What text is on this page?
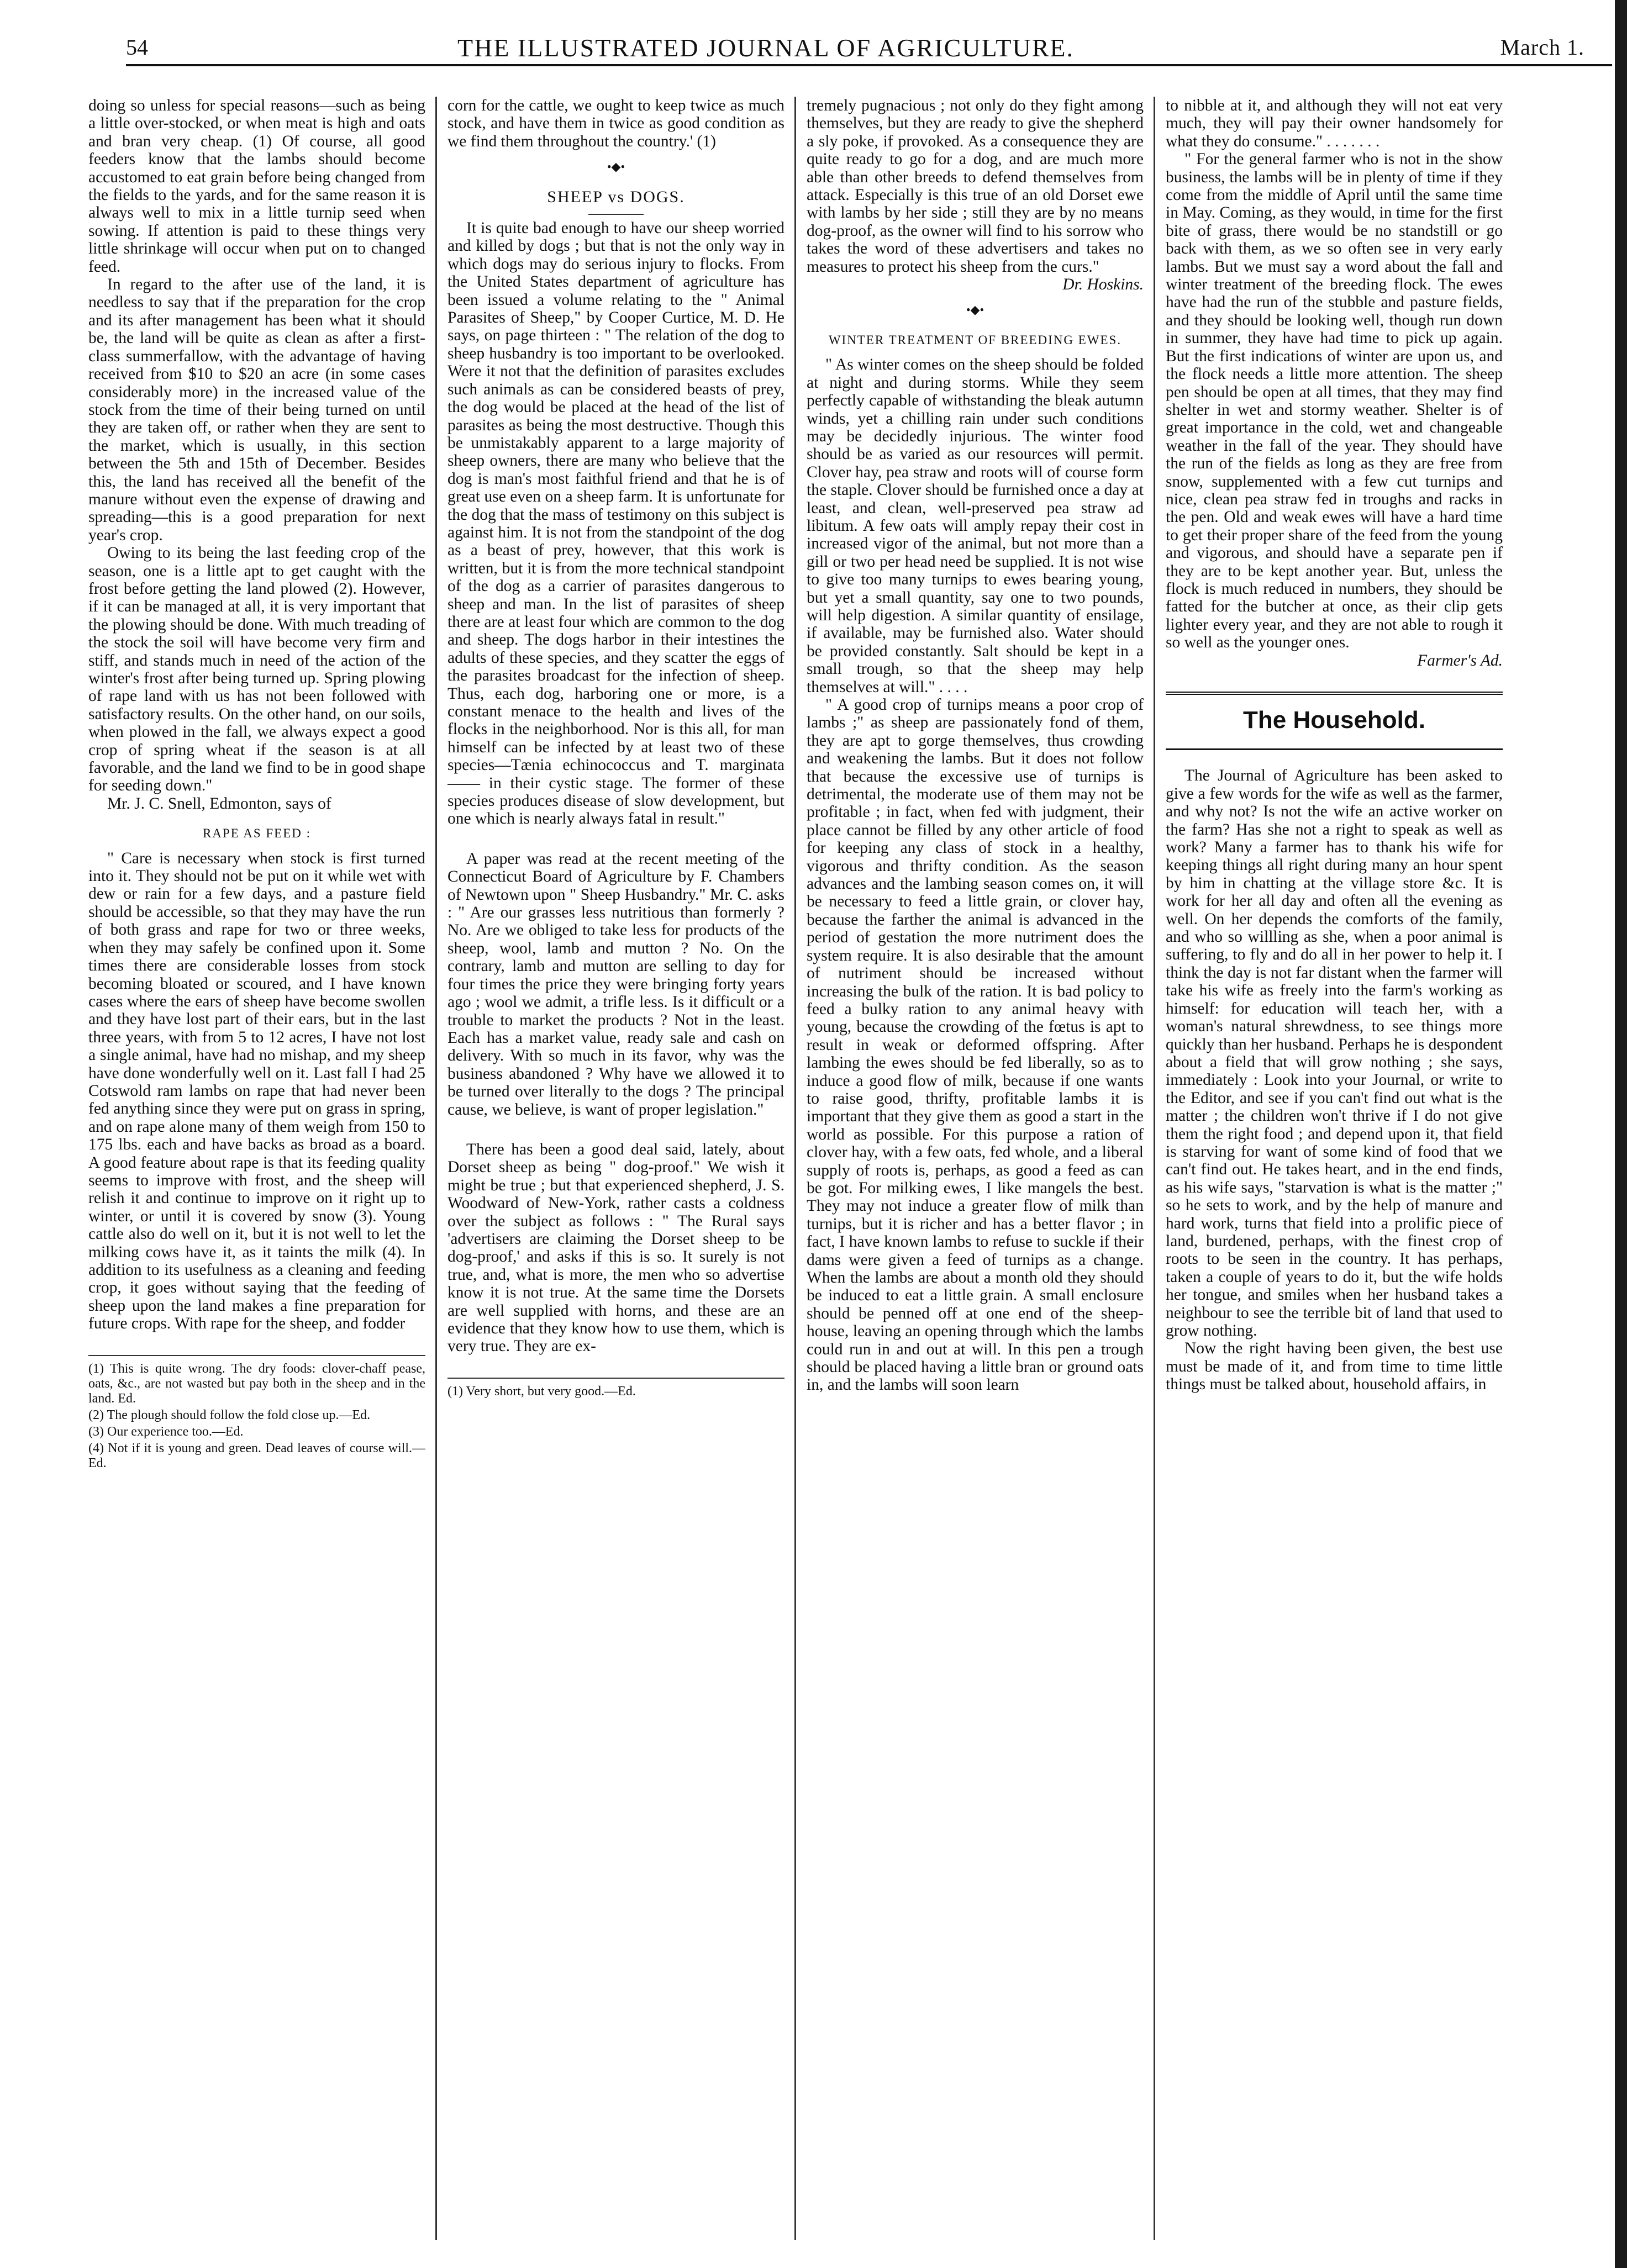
54	THE ILLUSTRATED JOURNAL OF AGRICULTURE.	March 1.

doing so unless for special reasons—such as being a little over-stocked, or when meat is high and oats and bran very cheap. (1) Of course, all good feeders know that the lambs should become accustomed to eat grain before being changed from the fields to the yards, and for the same reason it is always well to mix in a little turnip seed when sowing. If attention is paid to these things very little shrinkage will occur when put on to changed feed.

In regard to the after use of the land, it is needless to say that if the preparation for the crop and its after management has been what it should be, the land will be quite as clean as after a first-class summerfallow, with the advantage of having received from $10 to $20 an acre (in some cases considerably more) in the increased value of the stock from the time of their being turned on until they are taken off, or rather when they are sent to the market, which is usually, in this section between the 5th and 15th of December. Besides this, the land has received all the benefit of the manure without even the expense of drawing and spreading—this is a good preparation for next year's crop.

Owing to its being the last feeding crop of the season, one is a little apt to get caught with the frost before getting the land plowed (2). However, if it can be managed at all, it is very important that the plowing should be done. With much treading of the stock the soil will have become very firm and stiff, and stands much in need of the action of the winter's frost after being turned up. Spring plowing of rape land with us has not been followed with satisfactory results. On the other hand, on our soils, when plowed in the fall, we always expect a good crop of spring wheat if the season is at all favorable, and the land we find to be in good shape for seeding down."

Mr. J. C. Snell, Edmonton, says of

RAPE AS FEED :

" Care is necessary when stock is first turned into it. They should not be put on it while wet with dew or rain for a few days, and a pasture field should be accessible, so that they may have the run of both grass and rape for two or three weeks, when they may safely be confined upon it. Some times there are considerable losses from stock becoming bloated or scoured, and I have known cases where the ears of sheep have become swollen and they have lost part of their ears, but in the last three years, with from 5 to 12 acres, I have not lost a single animal, have had no mishap, and my sheep have done wonderfully well on it. Last fall I had 25 Cotswold ram lambs on rape that had never been fed anything since they were put on grass in spring, and on rape alone many of them weigh from 150 to 175 lbs. each and have backs as broad as a board. A good feature about rape is that its feeding quality seems to improve with frost, and the sheep will relish it and continue to improve on it right up to winter, or until it is covered by snow (3). Young cattle also do well on it, but it is not well to let the milking cows have it, as it taints the milk (4). In addition to its usefulness as a cleaning and feeding crop, it goes without saying that the feeding of sheep upon the land makes a fine preparation for future crops. With rape for the sheep, and fodder

(1) This is quite wrong. The dry foods: clover-chaff pease, oats, &c., are not wasted but pay both in the sheep and in the land. Ed.
(2) The plough should follow the fold close up.—Ed.
(3) Our experience too.—Ed.
(4) Not if it is young and green. Dead leaves of course will.—Ed.

corn for the cattle, we ought to keep twice as much stock, and have them in twice as good condition as we find them throughout the country.' (1)

•◆•
SHEEP vs DOGS.

It is quite bad enough to have our sheep worried and killed by dogs ; but that is not the only way in which dogs may do serious injury to flocks. From the United States department of agriculture has been issued a volume relating to the " Animal Parasites of Sheep," by Cooper Curtice, M. D. He says, on page thirteen : " The relation of the dog to sheep husbandry is too important to be overlooked. Were it not that the definition of parasites excludes such animals as can be considered beasts of prey, the dog would be placed at the head of the list of parasites as being the most destructive. Though this be unmistakably apparent to a large majority of sheep owners, there are many who believe that the dog is man's most faithful friend and that he is of great use even on a sheep farm. It is unfortunate for the dog that the mass of testimony on this subject is against him. It is not from the standpoint of the dog as a beast of prey, however, that this work is written, but it is from the more technical standpoint of the dog as a carrier of parasites dangerous to sheep and man. In the list of parasites of sheep there are at least four which are common to the dog and sheep. The dogs harbor in their intestines the adults of these species, and they scatter the eggs of the parasites broadcast for the infection of sheep. Thus, each dog, harboring one or more, is a constant menace to the health and lives of the flocks in the neighborhood. Nor is this all, for man himself can be infected by at least two of these species—Tænia echinococcus and T. marginata—— in their cystic stage. The former of these species produces disease of slow development, but one which is nearly always fatal in result."

A paper was read at the recent meeting of the Connecticut Board of Agriculture by F. Chambers of Newtown upon " Sheep Husbandry." Mr. C. asks : " Are our grasses less nutritious than formerly ? No. Are we obliged to take less for products of the sheep, wool, lamb and mutton ? No. On the contrary, lamb and mutton are selling to day for four times the price they were bringing forty years ago ; wool we admit, a trifle less. Is it difficult or a trouble to market the products ? Not in the least. Each has a market value, ready sale and cash on delivery. With so much in its favor, why was the business abandoned ? Why have we allowed it to be turned over literally to the dogs ? The principal cause, we believe, is want of proper legislation."

There has been a good deal said, lately, about Dorset sheep as being " dog-proof." We wish it might be true ; but that experienced shepherd, J. S. Woodward of New-York, rather casts a coldness over the subject as follows : " The Rural says 'advertisers are claiming the Dorset sheep to be dog-proof,' and asks if this is so. It surely is not true, and, what is more, the men who so advertise know it is not true. At the same time the Dorsets are well supplied with horns, and these are an evidence that they know how to use them, which is very true. They are ex-

(1) Very short, but very good.—Ed.

tremely pugnacious ; not only do they fight among themselves, but they are ready to give the shepherd a sly poke, if provoked. As a consequence they are quite ready to go for a dog, and are much more able than other breeds to defend themselves from attack. Especially is this true of an old Dorset ewe with lambs by her side ; still they are by no means dog-proof, as the owner will find to his sorrow who takes the word of these advertisers and takes no measures to protect his sheep from the curs."

Dr. Hoskins.

•◆•
WINTER TREATMENT OF BREEDING EWES.

" As winter comes on the sheep should be folded at night and during storms. While they seem perfectly capable of withstanding the bleak autumn winds, yet a chilling rain under such conditions may be decidedly injurious. The winter food should be as varied as our resources will permit. Clover hay, pea straw and roots will of course form the staple. Clover should be furnished once a day at least, and clean, well-preserved pea straw ad libitum. A few oats will amply repay their cost in increased vigor of the animal, but not more than a gill or two per head need be supplied. It is not wise to give too many turnips to ewes bearing young, but yet a small quantity, say one to two pounds, will help digestion. A similar quantity of ensilage, if available, may be furnished also. Water should be provided constantly. Salt should be kept in a small trough, so that the sheep may help themselves at will." . . . .

" A good crop of turnips means a poor crop of lambs ;" as sheep are passionately fond of them, they are apt to gorge themselves, thus crowding and weakening the lambs. But it does not follow that because the excessive use of turnips is detrimental, the moderate use of them may not be profitable ; in fact, when fed with judgment, their place cannot be filled by any other article of food for keeping any class of stock in a healthy, vigorous and thrifty condition. As the season advances and the lambing season comes on, it will be necessary to feed a little grain, or clover hay, because the farther the animal is advanced in the period of gestation the more nutriment does the system require. It is also desirable that the amount of nutriment should be increased without increasing the bulk of the ration. It is bad policy to feed a bulky ration to any animal heavy with young, because the crowding of the fœtus is apt to result in weak or deformed offspring. After lambing the ewes should be fed liberally, so as to induce a good flow of milk, because if one wants to raise good, thrifty, profitable lambs it is important that they give them as good a start in the world as possible. For this purpose a ration of clover hay, with a few oats, fed whole, and a liberal supply of roots is, perhaps, as good a feed as can be got. For milking ewes, I like mangels the best. They may not induce a greater flow of milk than turnips, but it is richer and has a better flavor ; in fact, I have known lambs to refuse to suckle if their dams were given a feed of turnips as a change. When the lambs are about a month old they should be induced to eat a little grain. A small enclosure should be penned off at one end of the sheep-house, leaving an opening through which the lambs could run in and out at will. In this pen a trough should be placed having a little bran or ground oats in, and the lambs will soon learn

to nibble at it, and although they will not eat very much, they will pay their owner handsomely for what they do consume." . . . . . . .

" For the general farmer who is not in the show business, the lambs will be in plenty of time if they come from the middle of April until the same time in May. Coming, as they would, in time for the first bite of grass, there would be no standstill or go back with them, as we so often see in very early lambs. But we must say a word about the fall and winter treatment of the breeding flock. The ewes have had the run of the stubble and pasture fields, and they should be looking well, though run down in summer, they have had time to pick up again. But the first indications of winter are upon us, and the flock needs a little more attention. The sheep pen should be open at all times, that they may find shelter in wet and stormy weather. Shelter is of great importance in the cold, wet and changeable weather in the fall of the year. They should have the run of the fields as long as they are free from snow, supplemented with a few cut turnips and nice, clean pea straw fed in troughs and racks in the pen. Old and weak ewes will have a hard time to get their proper share of the feed from the young and vigorous, and should have a separate pen if they are to be kept another year. But, unless the flock is much reduced in numbers, they should be fatted for the butcher at once, as their clip gets lighter every year, and they are not able to rough it so well as the younger ones.

Farmer's Ad.

The Household.

The Journal of Agriculture has been asked to give a few words for the wife as well as the farmer, and why not? Is not the wife an active worker on the farm? Has she not a right to speak as well as work? Many a farmer has to thank his wife for keeping things all right during many an hour spent by him in chatting at the village store &c. It is work for her all day and often all the evening as well. On her depends the comforts of the family, and who so willling as she, when a poor animal is suffering, to fly and do all in her power to help it. I think the day is not far distant when the farmer will take his wife as freely into the farm's working as himself: for education will teach her, with a woman's natural shrewdness, to see things more quickly than her husband. Perhaps he is despondent about a field that will grow nothing ; she says, immediately : Look into your Journal, or write to the Editor, and see if you can't find out what is the matter ; the children won't thrive if I do not give them the right food ; and depend upon it, that field is starving for want of some kind of food that we can't find out. He takes heart, and in the end finds, as his wife says, "starvation is what is the matter ;" so he sets to work, and by the help of manure and hard work, turns that field into a prolific piece of land, burdened, perhaps, with the finest crop of roots to be seen in the country. It has perhaps, taken a couple of years to do it, but the wife holds her tongue, and smiles when her husband takes a neighbour to see the terrible bit of land that used to grow nothing.

Now the right having been given, the best use must be made of it, and from time to time little things must be talked about, household affairs, in
